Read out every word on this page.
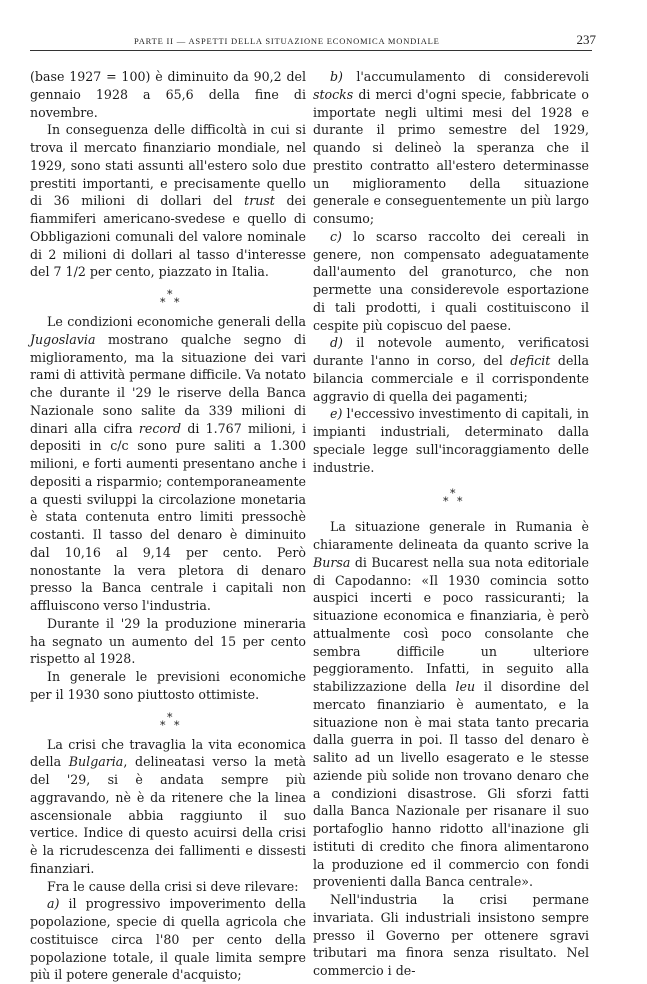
PARTE II — ASPETTI DELLA SITUAZIONE ECONOMICA MONDIALE	237

(base 1927 = 100) è diminuito da 90,2 del gennaio 1928 a 65,6 della fine di novembre.

In conseguenza delle difficoltà in cui si trova il mercato finanziario mondiale, nel 1929, sono stati assunti all'estero solo due prestiti importanti, e precisamente quello di 36 milioni di dollari del trust dei fiammiferi americano-svedese e quello di Obbligazioni comunali del valore nominale di 2 milioni di dollari al tasso d'interesse del 7 1/2 per cento, piazzato in Italia.

* *
*

Le condizioni economiche generali della Jugoslavia mostrano qualche segno di miglioramento, ma la situazione dei vari rami di attività permane difficile. Va notato che durante il '29 le riserve della Banca Nazionale sono salite da 339 milioni di dinari alla cifra record di 1.767 milioni, i depositi in c/c sono pure saliti a 1.300 milioni, e forti aumenti presentano anche i depositi a risparmio; contemporaneamente a questi sviluppi la circolazione monetaria è stata contenuta entro limiti pressochè costanti. Il tasso del denaro è diminuito dal 10,16 al 9,14 per cento. Però nonostante la vera pletora di denaro presso la Banca centrale i capitali non affluiscono verso l'industria.

Durante il '29 la produzione mineraria ha segnato un aumento del 15 per cento rispetto al 1928.

In generale le previsioni economiche per il 1930 sono piuttosto ottimiste.

* *
*

La crisi che travaglia la vita economica della Bulgaria, delineatasi verso la metà del '29, si è andata sempre più aggravando, nè è da ritenere che la linea ascensionale abbia raggiunto il suo vertice. Indice di questo acuirsi della crisi è la ricrudescenza dei fallimenti e dissesti finanziari.

Fra le cause della crisi si deve rilevare:

a) il progressivo impoverimento della popolazione, specie di quella agricola che costituisce circa l'80 per cento della popolazione totale, il quale limita sempre più il potere generale d'acquisto;

b) l'accumulamento di considerevoli stocks di merci d'ogni specie, fabbricate o importate negli ultimi mesi del 1928 e durante il primo semestre del 1929, quando si delineò la speranza che il prestito contratto all'estero determinasse un miglioramento della situazione generale e conseguentemente un più largo consumo;

c) lo scarso raccolto dei cereali in genere, non compensato adeguatamente dall'aumento del granoturco, che non permette una considerevole esportazione di tali prodotti, i quali costituiscono il cespite più copiscuo del paese.

d) il notevole aumento, verificatosi durante l'anno in corso, del deficit della bilancia commerciale e il corrispondente aggravio di quella dei pagamenti;

e) l'eccessivo investimento di capitali, in impianti industriali, determinato dalla speciale legge sull'incoraggiamento delle industrie.

* *
*

La situazione generale in Rumania è chiaramente delineata da quanto scrive la Bursa di Bucarest nella sua nota editoriale di Capodanno: «Il 1930 comincia sotto auspici incerti e poco rassicuranti; la situazione economica e finanziaria, è però attualmente così poco consolante che sembra difficile un ulteriore peggioramento. Infatti, in seguito alla stabilizzazione della leu il disordine del mercato finanziario è aumentato, e la situazione non è mai stata tanto precaria dalla guerra in poi. Il tasso del denaro è salito ad un livello esagerato e le stesse aziende più solide non trovano denaro che a condizioni disastrose. Gli sforzi fatti dalla Banca Nazionale per risanare il suo portafoglio hanno ridotto all'inazione gli istituti di credito che finora alimentarono la produzione ed il commercio con fondi provenienti dalla Banca centrale».

Nell'industria la crisi permane invariata. Gli industriali insistono sempre presso il Governo per ottenere sgravi tributari ma finora senza risultato. Nel commercio i de-
